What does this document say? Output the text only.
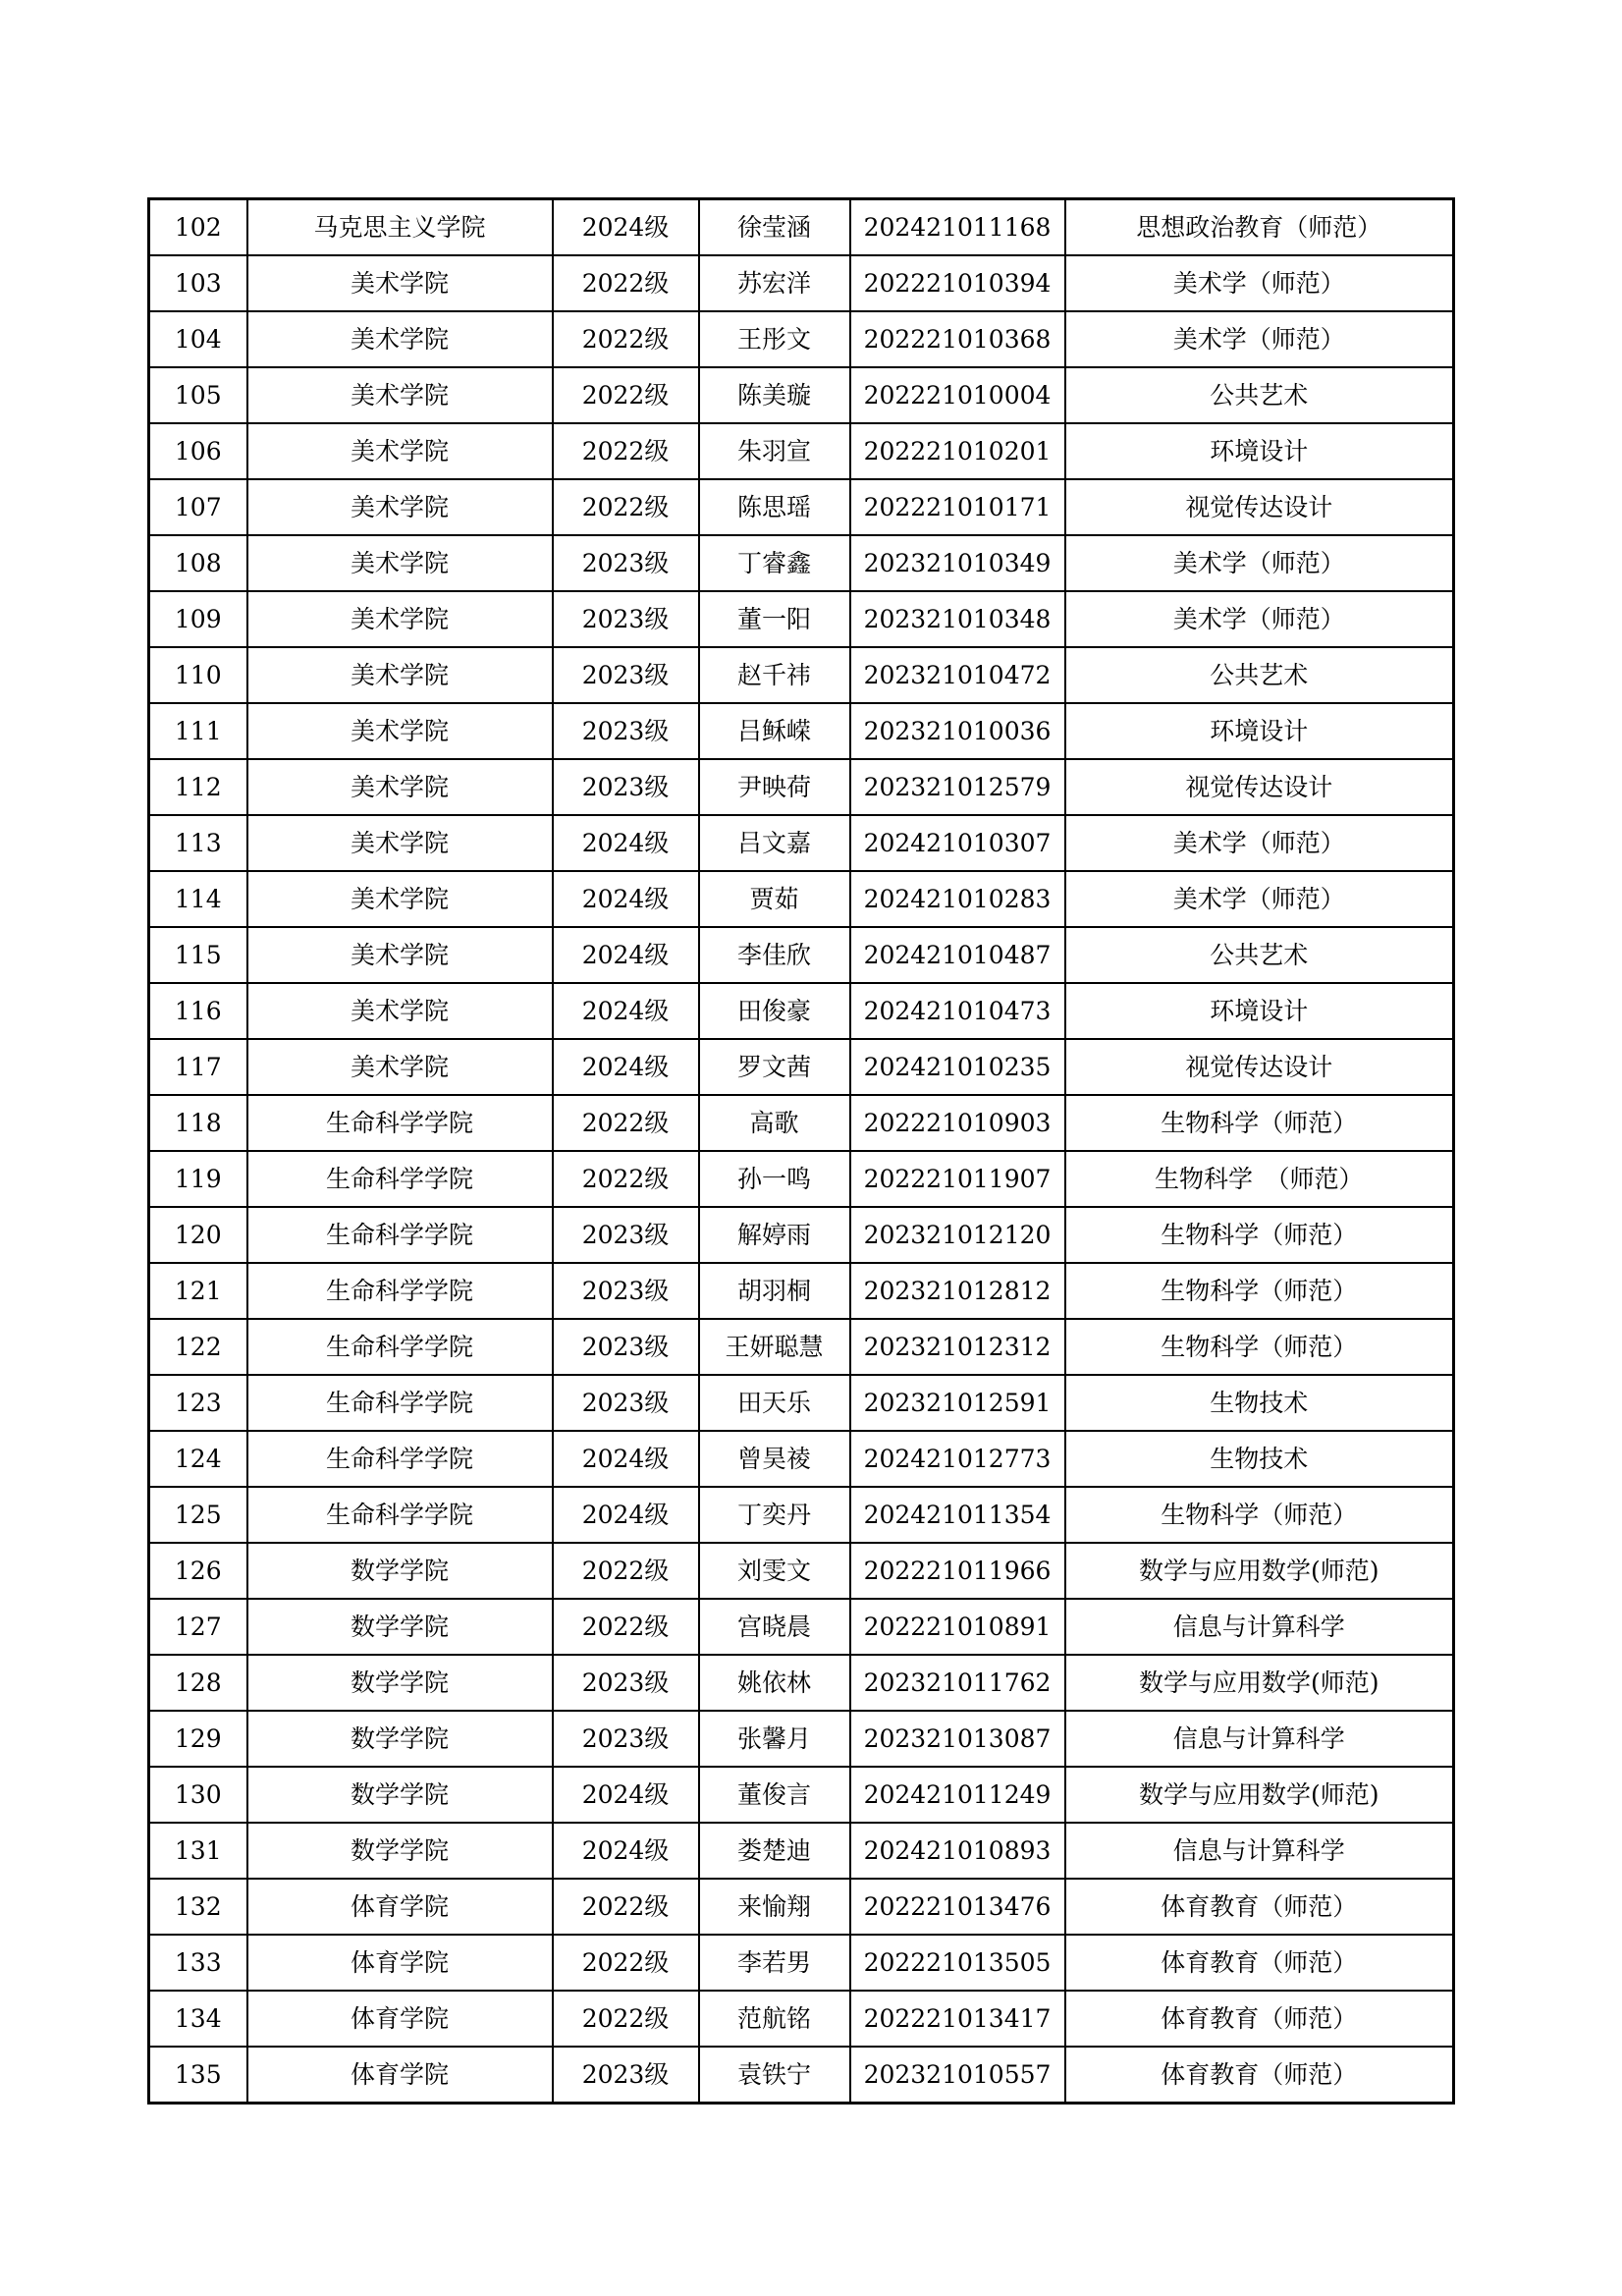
102	马克思主义学院	2024级	徐莹涵	202421011168	思想政治教育（师范）
103	美术学院	2022级	苏宏洋	202221010394	美术学（师范）
104	美术学院	2022级	王彤文	202221010368	美术学（师范）
105	美术学院	2022级	陈美璇	202221010004	公共艺术
106	美术学院	2022级	朱羽宣	202221010201	环境设计
107	美术学院	2022级	陈思瑶	202221010171	视觉传达设计
108	美术学院	2023级	丁睿鑫	202321010349	美术学（师范）
109	美术学院	2023级	董一阳	202321010348	美术学（师范）
110	美术学院	2023级	赵千祎	202321010472	公共艺术
111	美术学院	2023级	吕稣嵘	202321010036	环境设计
112	美术学院	2023级	尹映荷	202321012579	视觉传达设计
113	美术学院	2024级	吕文嘉	202421010307	美术学（师范）
114	美术学院	2024级	贾茹	202421010283	美术学（师范）
115	美术学院	2024级	李佳欣	202421010487	公共艺术
116	美术学院	2024级	田俊豪	202421010473	环境设计
117	美术学院	2024级	罗文茜	202421010235	视觉传达设计
118	生命科学学院	2022级	高歌	202221010903	生物科学（师范）
119	生命科学学院	2022级	孙一鸣	202221011907	生物科学　（师范）
120	生命科学学院	2023级	解婷雨	202321012120	生物科学（师范）
121	生命科学学院	2023级	胡羽桐	202321012812	生物科学（师范）
122	生命科学学院	2023级	王妍聪慧	202321012312	生物科学（师范）
123	生命科学学院	2023级	田天乐	202321012591	生物技术
124	生命科学学院	2024级	曾昊祾	202421012773	生物技术
125	生命科学学院	2024级	丁奕丹	202421011354	生物科学（师范）
126	数学学院	2022级	刘雯文	202221011966	数学与应用数学(师范)
127	数学学院	2022级	宫晓晨	202221010891	信息与计算科学
128	数学学院	2023级	姚依林	202321011762	数学与应用数学(师范)
129	数学学院	2023级	张馨月	202321013087	信息与计算科学
130	数学学院	2024级	董俊言	202421011249	数学与应用数学(师范)
131	数学学院	2024级	娄楚迪	202421010893	信息与计算科学
132	体育学院	2022级	来愉翔	202221013476	体育教育（师范）
133	体育学院	2022级	李若男	202221013505	体育教育（师范）
134	体育学院	2022级	范航铭	202221013417	体育教育（师范）
135	体育学院	2023级	袁铁宁	202321010557	体育教育（师范）
